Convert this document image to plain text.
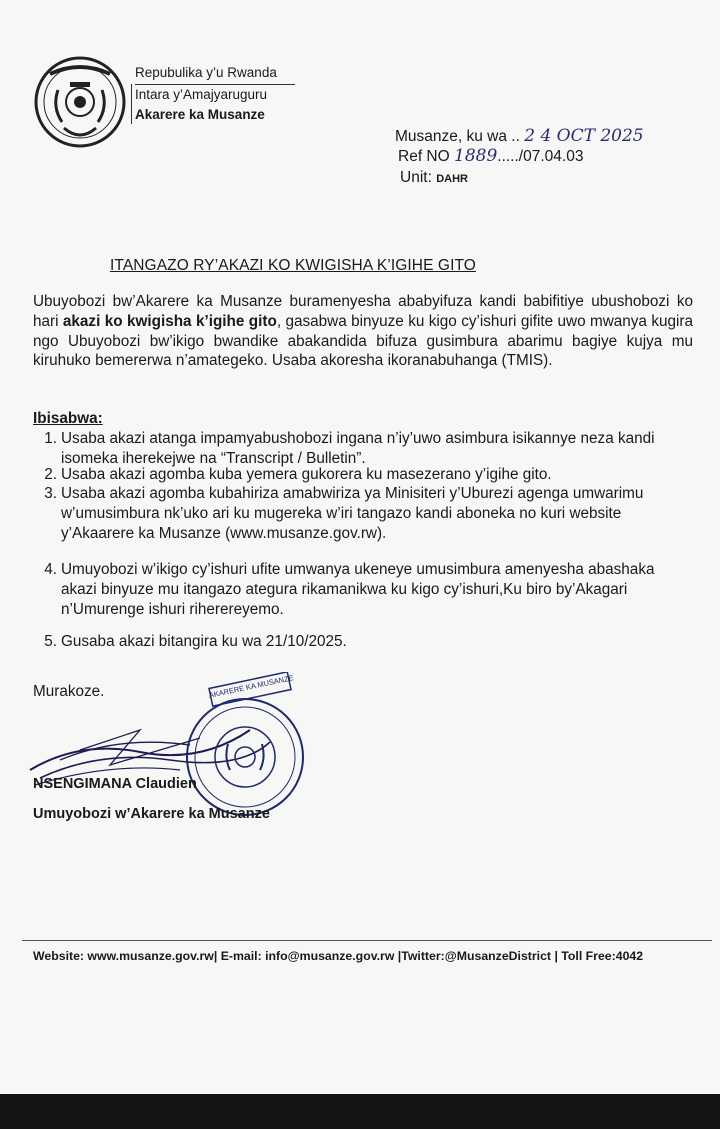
Repubulika y’u Rwanda
Intara y’Amajyaruguru
Akarere ka Musanze
Musanze, ku wa .. 2 4 OCT 2025
Ref NO 1889...../07.04.03
Unit: DAHR
ITANGAZO RY’AKAZI KO KWIGISHA K’IGIHE GITO
Ubuyobozi bw’Akarere ka Musanze buramenyesha ababyifuza kandi babifitiye ubushobozi ko hari akazi ko kwigisha k’igihe gito, gasabwa binyuze ku kigo cy’ishuri gifite uwo mwanya kugira ngo Ubuyobozi bw’ikigo bwandike abakandida bifuza gusimbura abarimu bagiye kujya mu kiruhuko bemererwa n’amategeko. Usaba akoresha ikoranabuhanga (TMIS).
Ibisabwa:
1. Usaba akazi atanga impamyabushobozi ingana n’iy’uwo asimbura isikannye neza kandi isomeka iherekejwe na “Transcript / Bulletin”.
2. Usaba akazi agomba kuba yemera gukorera ku masezerano y’igihe gito.
3. Usaba akazi agomba kubahiriza amabwiriza ya Minisiteri y’Uburezi agenga umwarimu w’umusimbura nk’uko ari ku mugereka w’iri tangazo kandi aboneka no kuri website y’Akaarere ka Musanze (www.musanze.gov.rw).
4. Umuyobozi w’ikigo cy’ishuri ufite umwanya ukeneye umusimbura amenyesha abashaka akazi binyuze mu itangazo ategura rikamanikwa ku kigo cy’ishuri,Ku biro by’Akagari n’Umurenge ishuri riherereyemo.
5. Gusaba akazi bitangira ku wa 21/10/2025.
Murakoze.	AKARERE KA MUSANZE
NSENGIMANA Claudien
Umuyobozi w’Akarere ka Musanze
Website: www.musanze.gov.rw| E-mail: info@musanze.gov.rw |Twitter:@MusanzeDistrict | Toll Free:4042
